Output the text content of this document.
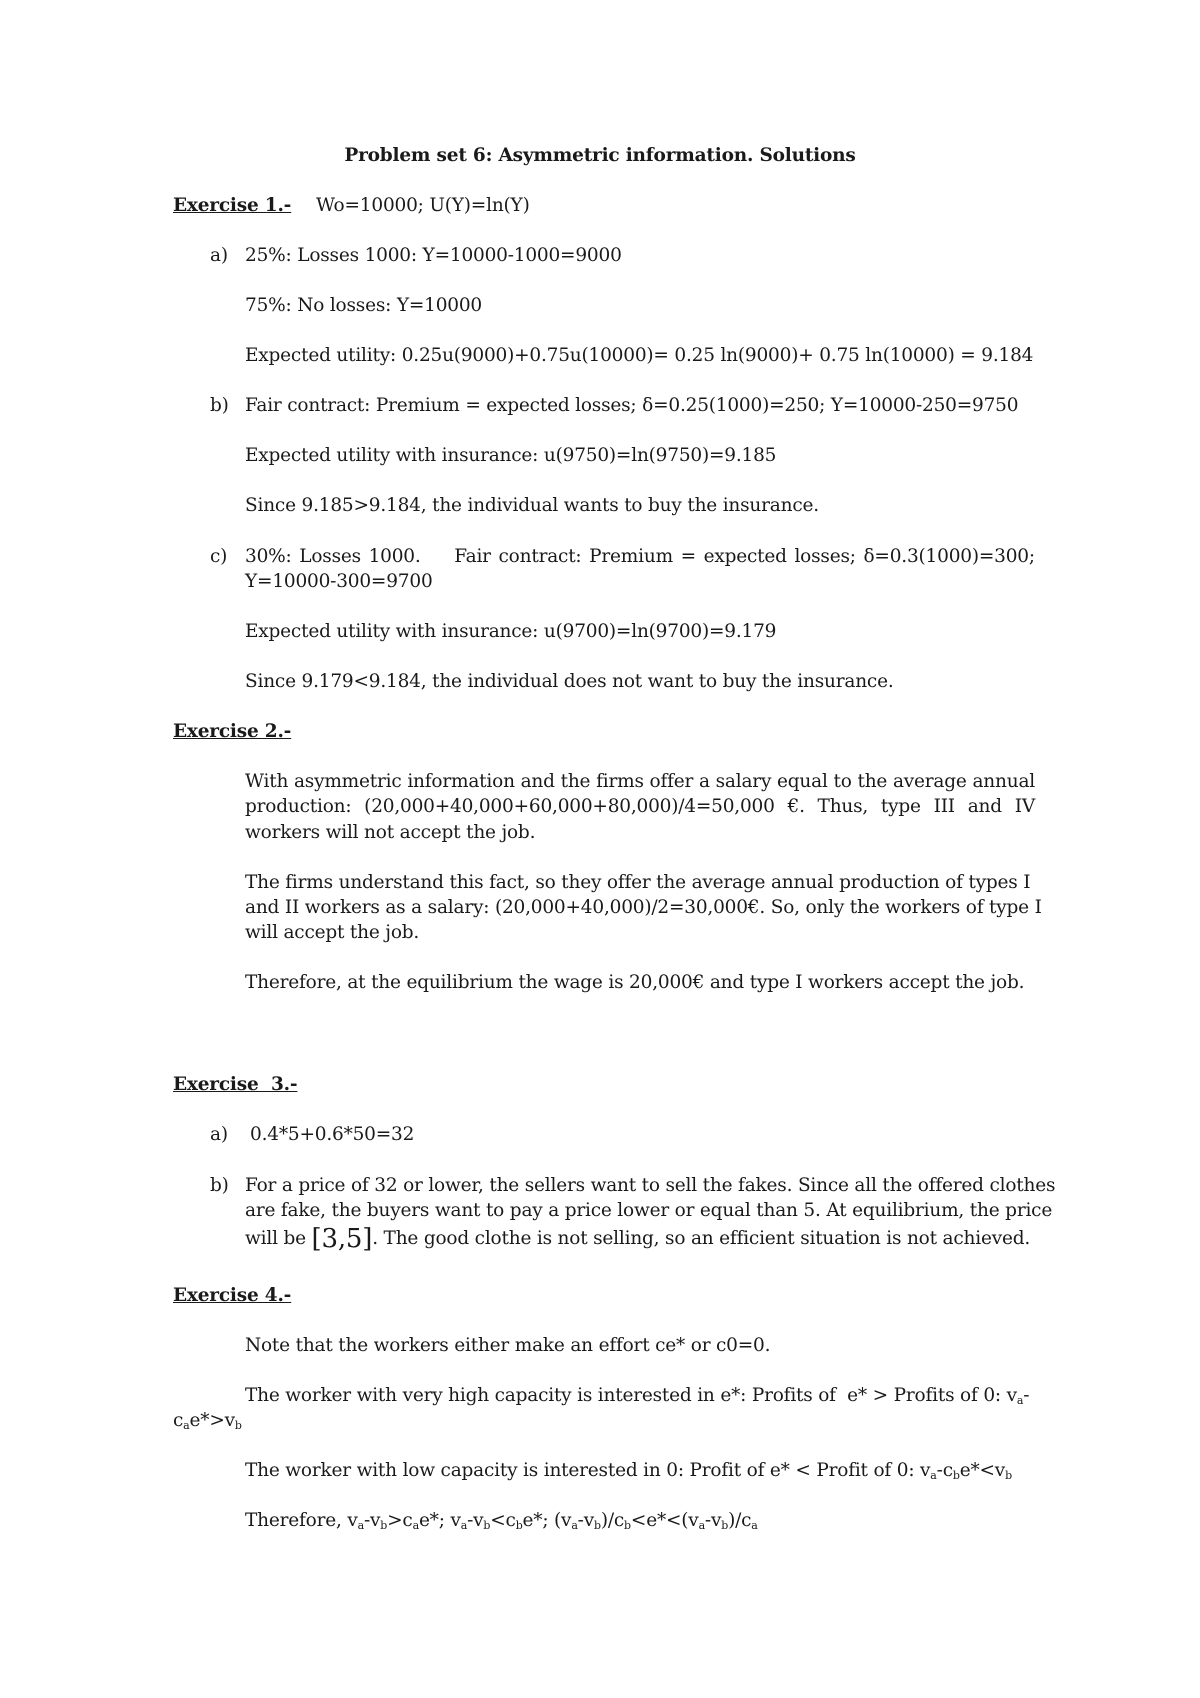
Problem set 6: Asymmetric information. Solutions
Exercise 1.- Wo=10000; U(Y)=ln(Y)
a) 25%: Losses 1000: Y=10000-1000=9000
75%: No losses: Y=10000
Expected utility: 0.25u(9000)+0.75u(10000)= 0.25 ln(9000)+ 0.75 ln(10000) = 9.184
b) Fair contract: Premium = expected losses; δ=0.25(1000)=250; Y=10000-250=9750
Expected utility with insurance: u(9750)=ln(9750)=9.185
Since 9.185>9.184, the individual wants to buy the insurance.
c) 30%: Losses 1000. Fair contract: Premium = expected losses; δ=0.3(1000)=300;
Y=10000-300=9700
Expected utility with insurance: u(9700)=ln(9700)=9.179
Since 9.179<9.184, the individual does not want to buy the insurance.
Exercise 2.-
With asymmetric information and the firms offer a salary equal to the average annual
production: (20,000+40,000+60,000+80,000)/4=50,000 €. Thus, type III and IV
workers will not accept the job.
The firms understand this fact, so they offer the average annual production of types I
and II workers as a salary: (20,000+40,000)/2=30,000€. So, only the workers of type I
will accept the job.
Therefore, at the equilibrium the wage is 20,000€ and type I workers accept the job.
Exercise  3.-
a) 0.4*5+0.6*50=32
b) For a price of 32 or lower, the sellers want to sell the fakes. Since all the offered clothes
are fake, the buyers want to pay a price lower or equal than 5. At equilibrium, the price
will be [3,5]. The good clothe is not selling, so an efficient situation is not achieved.
Exercise 4.-
Note that the workers either make an effort ce* or c0=0.
The worker with very high capacity is interested in e*: Profits of  e* > Profits of 0: $v_a-$
$c_ae*>v_b$
The worker with low capacity is interested in 0: Profit of e* < Profit of 0: $v_a-c_be*<v_b$
Therefore, $v_a-v_b>c_ae*$; $v_a-v_b<c_be*$; $(v_a-v_b)/c_b<e*<(v_a-v_b)/c_a$
